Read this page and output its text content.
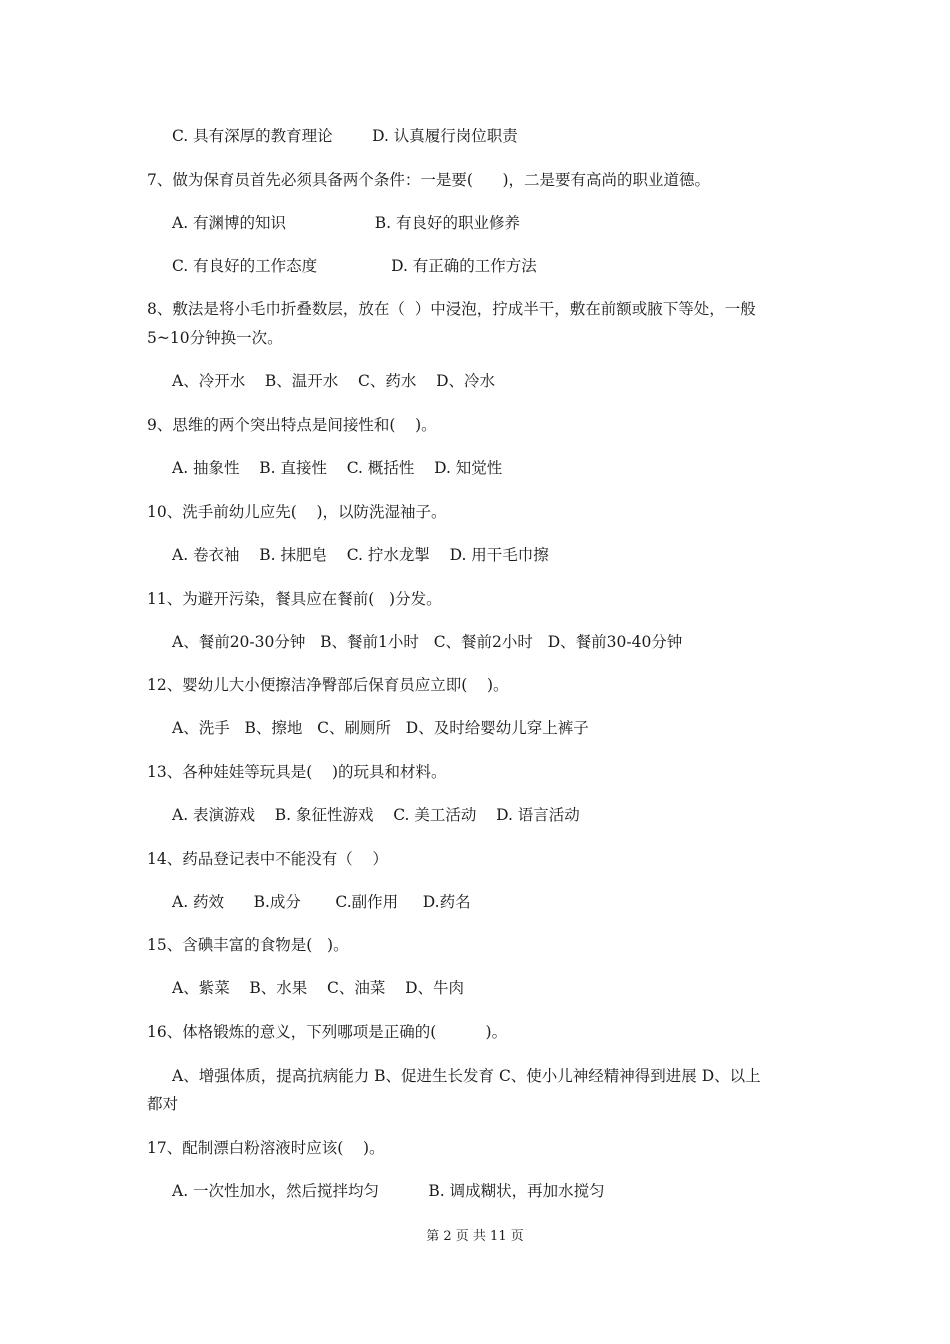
C. 具有深厚的教育理论        D. 认真履行岗位职责
7、做为保育员首先必须具备两个条件：一是要(      )，二是要有高尚的职业道德。
A. 有渊博的知识                  B. 有良好的职业修养
C. 有良好的工作态度               D. 有正确的工作方法
8、敷法是将小毛巾折叠数层，放在（  ）中浸泡，拧成半干，敷在前额或腋下等处，一般
5~10分钟换一次。
A、冷开水    B、温开水    C、药水    D、冷水
9、思维的两个突出特点是间接性和(    )。
A. 抽象性    B. 直接性    C. 概括性    D. 知觉性
10、洗手前幼儿应先(    )，以防洗湿袖子。
A. 卷衣袖    B. 抹肥皂    C. 拧水龙掣    D. 用干毛巾擦
11、为避开污染，餐具应在餐前(   )分发。
A、餐前20-30分钟   B、餐前1小时   C、餐前2小时   D、餐前30-40分钟
12、婴幼儿大小便擦洁净臀部后保育员应立即(    )。
A、洗手   B、擦地   C、刷厕所   D、及时给婴幼儿穿上裤子
13、各种娃娃等玩具是(    )的玩具和材料。
A. 表演游戏    B. 象征性游戏    C. 美工活动    D. 语言活动
14、药品登记表中不能没有（    ）
A. 药效      B.成分       C.副作用     D.药名
15、含碘丰富的食物是(   )。
A、紫菜    B、水果    C、油菜    D、牛肉
16、体格锻炼的意义，下列哪项是正确的(          )。
A、增强体质，提高抗病能力 B、促进生长发育 C、使小儿神经精神得到进展 D、以上
都对
17、配制漂白粉溶液时应该(    )。
A. 一次性加水，然后搅拌均匀          B. 调成糊状，再加水搅匀
第 2 页 共 11 页
